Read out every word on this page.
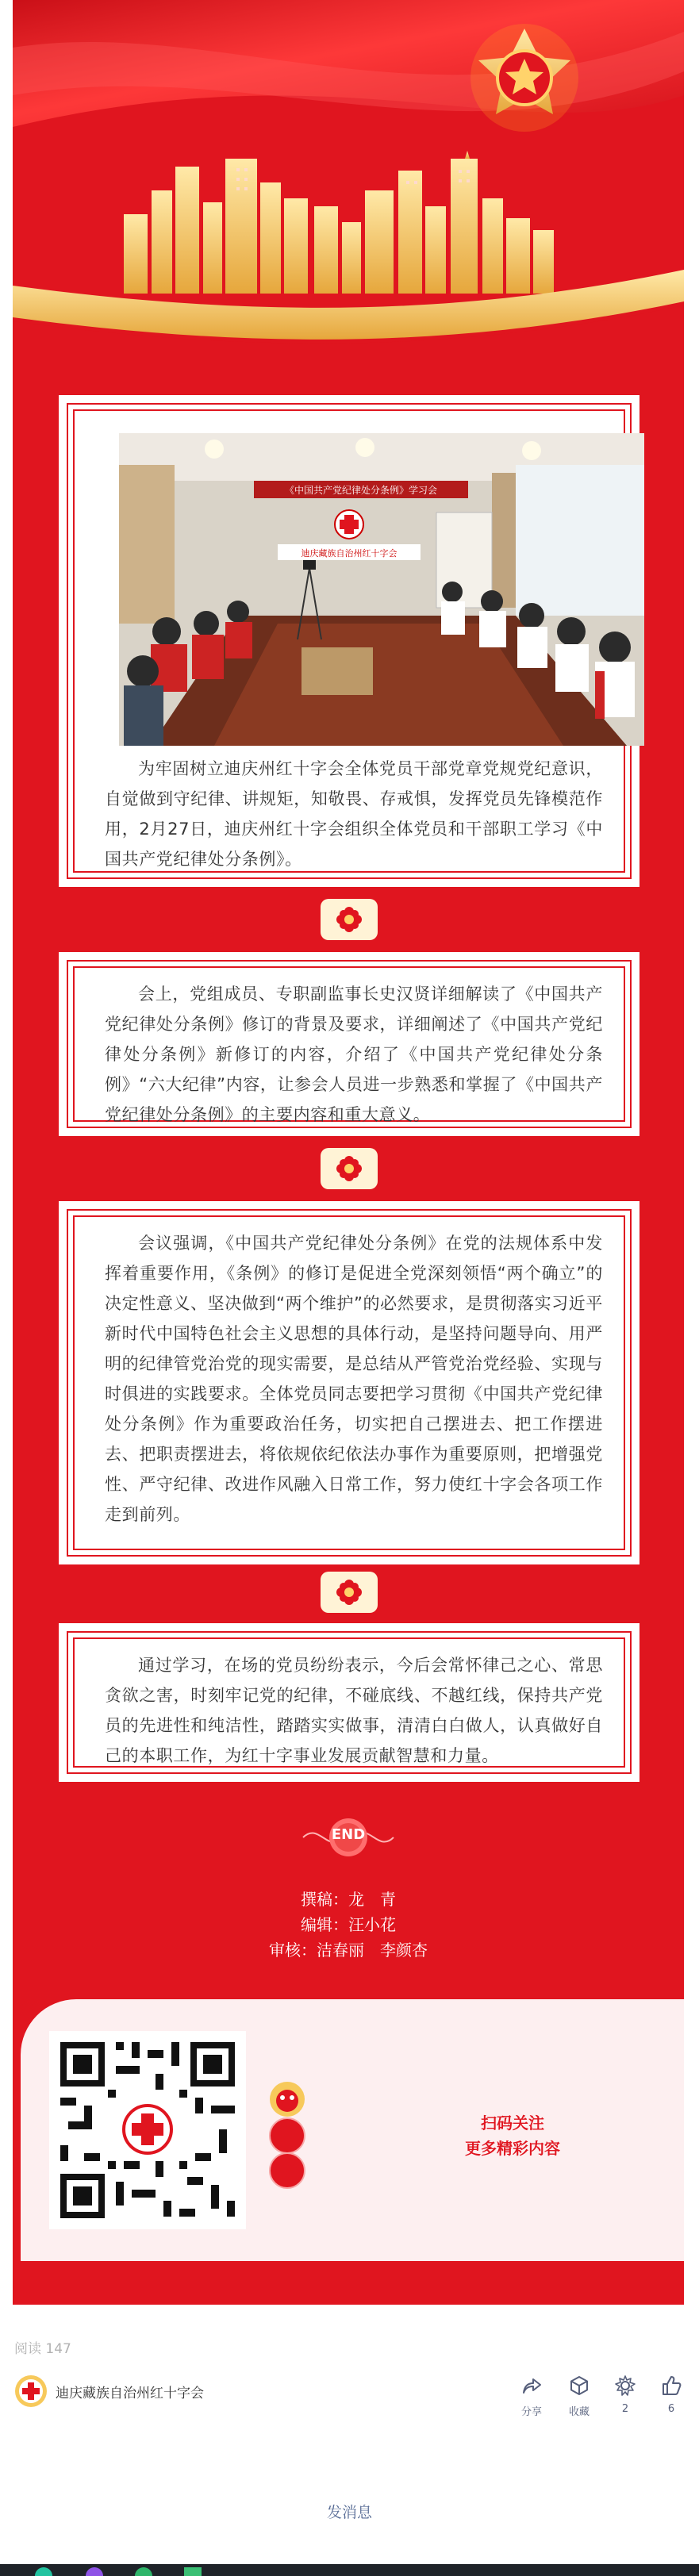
《中国共产党纪律处分条例》学习会
迪庆藏族自治州红十字会

为牢固树立迪庆州红十字会全体党员干部党章党规党纪意识，自觉做到守纪律、讲规矩，知敬畏、存戒惧，发挥党员先锋模范作用，2月27日，迪庆州红十字会组织全体党员和干部职工学习《中国共产党纪律处分条例》。

会上，党组成员、专职副监事长史汉贤详细解读了《中国共产党纪律处分条例》修订的背景及要求，详细阐述了《中国共产党纪律处分条例》新修订的内容，介绍了《中国共产党纪律处分条例》“六大纪律”内容，让参会人员进一步熟悉和掌握了《中国共产党纪律处分条例》的主要内容和重大意义。

会议强调，《中国共产党纪律处分条例》在党的法规体系中发挥着重要作用，《条例》的修订是促进全党深刻领悟“两个确立”的决定性意义、坚决做到“两个维护”的必然要求，是贯彻落实习近平新时代中国特色社会主义思想的具体行动，是坚持问题导向、用严明的纪律管党治党的现实需要，是总结从严管党治党经验、实现与时俱进的实践要求。全体党员同志要把学习贯彻《中国共产党纪律处分条例》作为重要政治任务，切实把自己摆进去、把工作摆进去、把职责摆进去，将依规依纪依法办事作为重要原则，把增强党性、严守纪律、改进作风融入日常工作，努力使红十字会各项工作走到前列。

通过学习，在场的党员纷纷表示，今后会常怀律己之心、常思贪欲之害，时刻牢记党的纪律，不碰底线、不越红线，保持共产党员的先进性和纯洁性，踏踏实实做事，清清白白做人，认真做好自己的本职工作，为红十字事业发展贡献智慧和力量。

END
撰稿：龙　青
编辑：汪小花
审核：洁春丽　李颜杏
扫码关注
更多精彩内容
阅读 147
迪庆藏族自治州红十字会
分享	收藏	2	6
发消息
